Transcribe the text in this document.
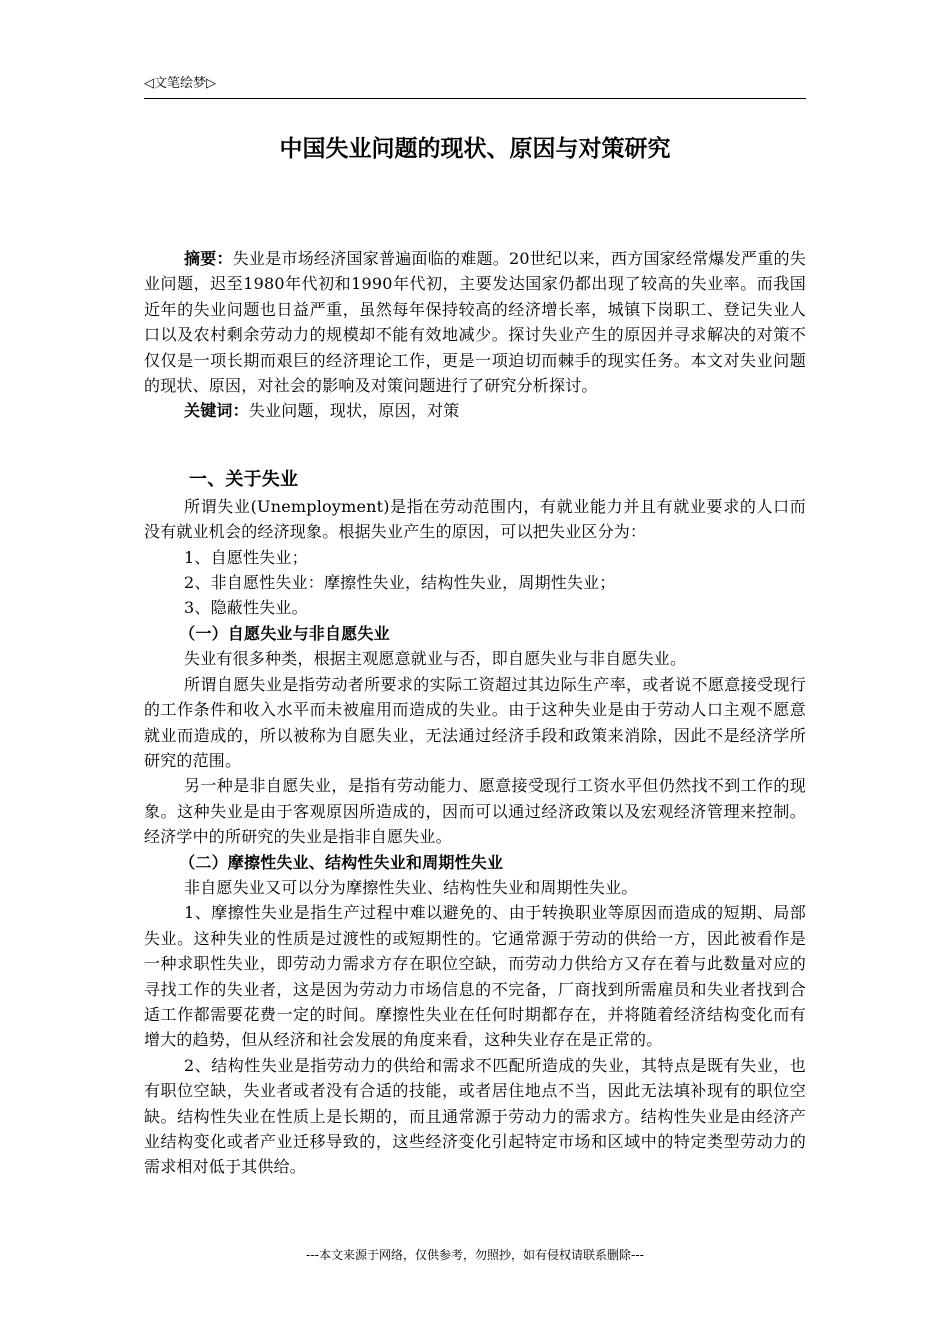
◁文笔绘梦▷
中国失业问题的现状、原因与对策研究

摘要：失业是市场经济国家普遍面临的难题。20世纪以来，西方国家经常爆发严重的失业问题，迟至1980年代初和1990年代初，主要发达国家仍都出现了较高的失业率。而我国近年的失业问题也日益严重，虽然每年保持较高的经济增长率，城镇下岗职工、登记失业人口以及农村剩余劳动力的规模却不能有效地减少。探讨失业产生的原因并寻求解决的对策不仅仅是一项长期而艰巨的经济理论工作，更是一项迫切而棘手的现实任务。本文对失业问题的现状、原因，对社会的影响及对策问题进行了研究分析探讨。

关键词：失业问题，现状，原因，对策

一、关于失业

所谓失业(Unemployment)是指在劳动范围内，有就业能力并且有就业要求的人口而没有就业机会的经济现象。根据失业产生的原因，可以把失业区分为：

1、自愿性失业；

2、非自愿性失业：摩擦性失业，结构性失业，周期性失业；

3、隐蔽性失业。

（一）自愿失业与非自愿失业

失业有很多种类，根据主观愿意就业与否，即自愿失业与非自愿失业。

所谓自愿失业是指劳动者所要求的实际工资超过其边际生产率，或者说不愿意接受现行的工作条件和收入水平而未被雇用而造成的失业。由于这种失业是由于劳动人口主观不愿意就业而造成的，所以被称为自愿失业，无法通过经济手段和政策来消除，因此不是经济学所研究的范围。

另一种是非自愿失业，是指有劳动能力、愿意接受现行工资水平但仍然找不到工作的现象。这种失业是由于客观原因所造成的，因而可以通过经济政策以及宏观经济管理来控制。经济学中的所研究的失业是指非自愿失业。

（二）摩擦性失业、结构性失业和周期性失业

非自愿失业又可以分为摩擦性失业、结构性失业和周期性失业。

1、摩擦性失业是指生产过程中难以避免的、由于转换职业等原因而造成的短期、局部失业。这种失业的性质是过渡性的或短期性的。它通常源于劳动的供给一方，因此被看作是一种求职性失业，即劳动力需求方存在职位空缺，而劳动力供给方又存在着与此数量对应的寻找工作的失业者，这是因为劳动力市场信息的不完备，厂商找到所需雇员和失业者找到合适工作都需要花费一定的时间。摩擦性失业在任何时期都存在，并将随着经济结构变化而有增大的趋势，但从经济和社会发展的角度来看，这种失业存在是正常的。

2、结构性失业是指劳动力的供给和需求不匹配所造成的失业，其特点是既有失业，也有职位空缺，失业者或者没有合适的技能，或者居住地点不当，因此无法填补现有的职位空缺。结构性失业在性质上是长期的，而且通常源于劳动力的需求方。结构性失业是由经济产业结构变化或者产业迁移导致的，这些经济变化引起特定市场和区域中的特定类型劳动力的需求相对低于其供给。

---本文来源于网络，仅供参考，勿照抄，如有侵权请联系删除---
